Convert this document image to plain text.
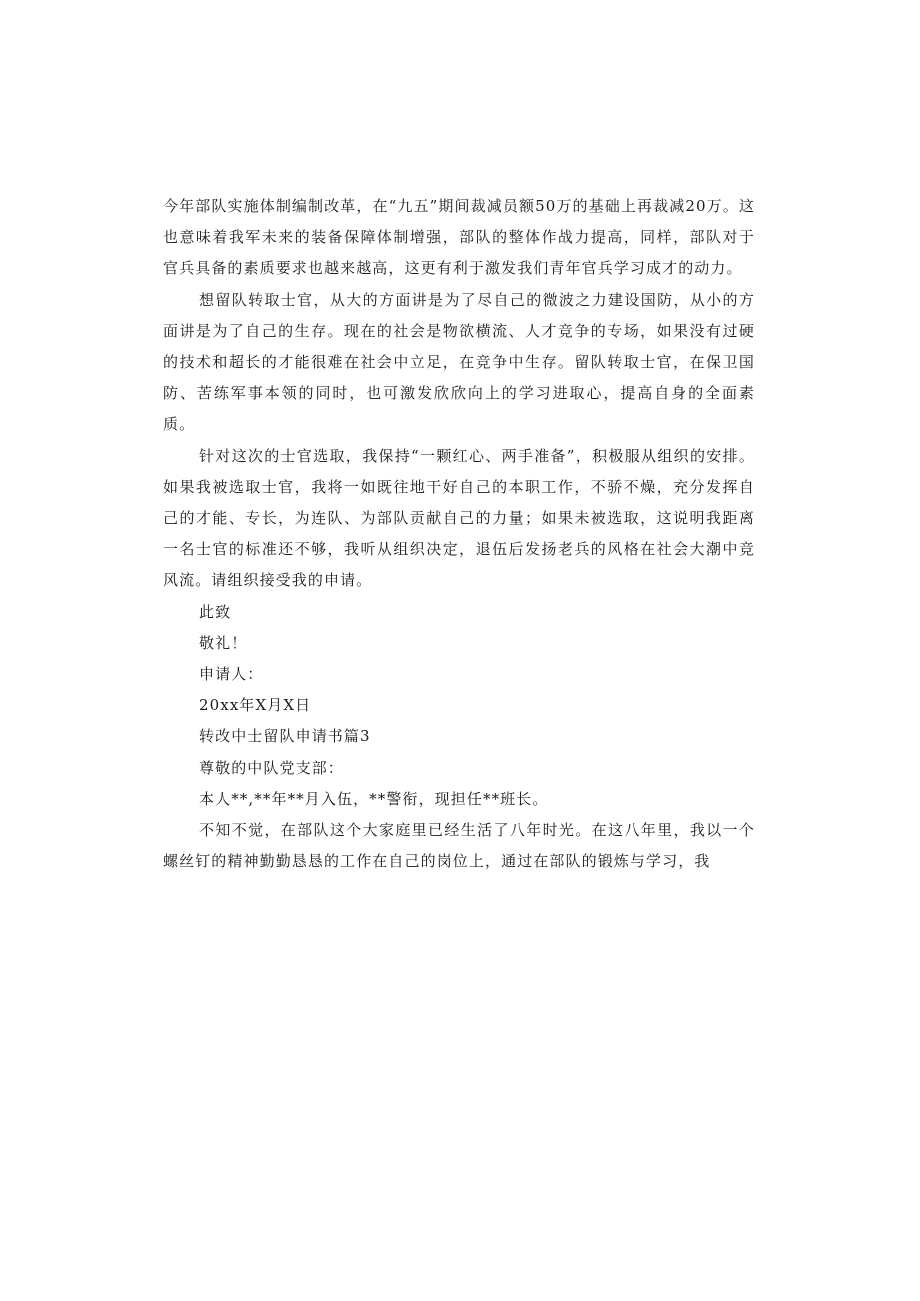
今年部队实施体制编制改革，在“九五”期间裁减员额50万的基础上再裁减20万。这也意味着我军未来的装备保障体制增强，部队的整体作战力提高，同样，部队对于官兵具备的素质要求也越来越高，这更有利于激发我们青年官兵学习成才的动力。

想留队转取士官，从大的方面讲是为了尽自己的微波之力建设国防，从小的方面讲是为了自己的生存。现在的社会是物欲横流、人才竞争的专场，如果没有过硬的技术和超长的才能很难在社会中立足，在竞争中生存。留队转取士官，在保卫国防、苦练军事本领的同时，也可激发欣欣向上的学习进取心，提高自身的全面素质。

针对这次的士官选取，我保持“一颗红心、两手准备”，积极服从组织的安排。如果我被选取士官，我将一如既往地干好自己的本职工作，不骄不燥，充分发挥自己的才能、专长，为连队、为部队贡献自己的力量；如果未被选取，这说明我距离一名士官的标准还不够，我听从组织决定，退伍后发扬老兵的风格在社会大潮中竞风流。请组织接受我的申请。

此致

敬礼！

申请人：

20xx年X月X日

转改中士留队申请书篇3

尊敬的中队党支部：

本人**,**年**月入伍，**警衔，现担任**班长。

不知不觉，在部队这个大家庭里已经生活了八年时光。在这八年里，我以一个螺丝钉的精神勤勤恳恳的工作在自己的岗位上，通过在部队的锻炼与学习，我
